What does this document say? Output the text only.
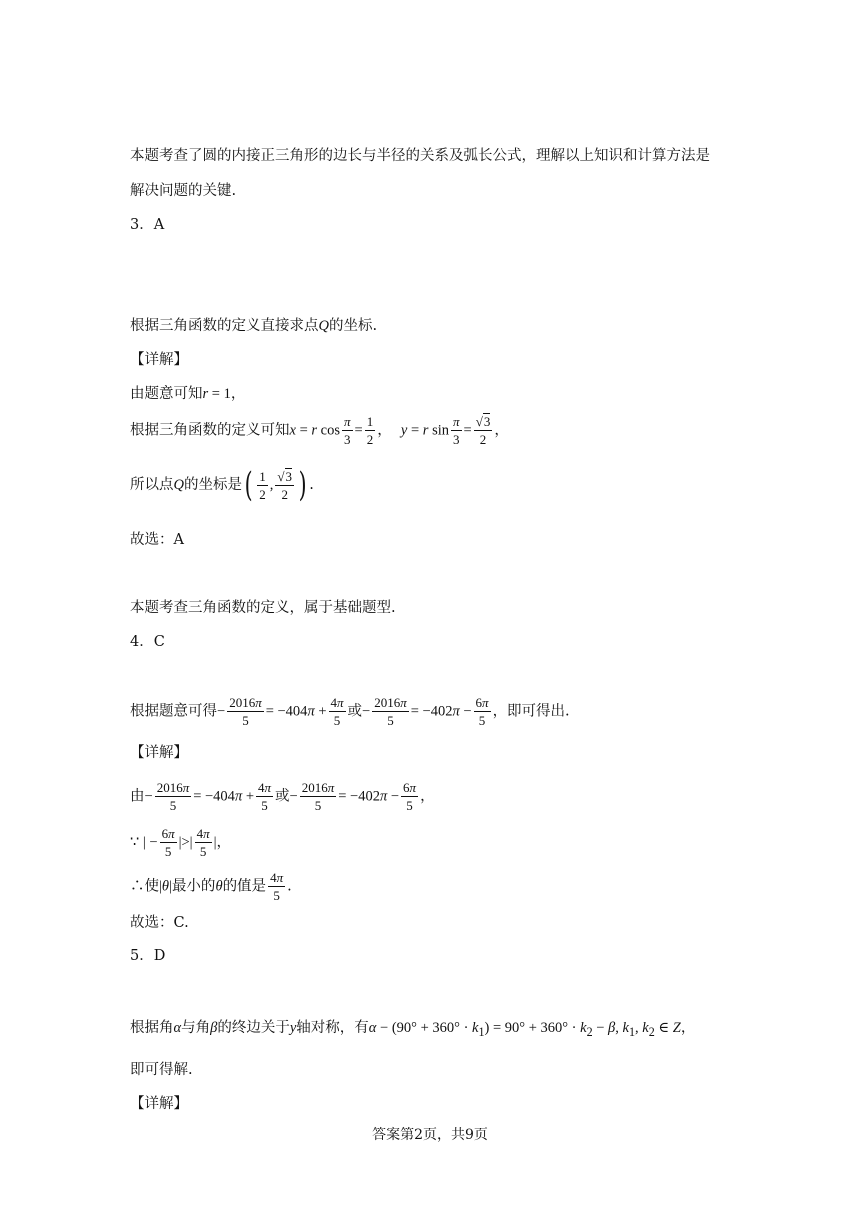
本题考查了圆的内接正三角形的边长与半径的关系及弧长公式，理解以上知识和计算方法是
解决问题的关键.
3．A
根据三角函数的定义直接求点Q的坐标.
【详解】
由题意可知r = 1，
根据三角函数的定义可知x = r $\cos \frac{\pi}{3} = \frac{1}{2}$ ， y = r $\sin \frac{\pi}{3} = \frac{√3}{2}$ ，
所以点Q的坐标是( $\frac{1}{2}$ , $\frac{√3}{2}$ ) .
故选：A
本题考查三角函数的定义，属于基础题型.
4．C
根据题意可得− $\frac{2016\pi}{5} = -404\pi + \frac{4\pi}{5}$ 或− $\frac{2016\pi}{5} = -402\pi - \frac{6\pi}{5}$ ，即可得出.
【详解】
由− $\frac{2016\pi}{5} = -404\pi + \frac{4\pi}{5}$ 或− $\frac{2016\pi}{5} = -402\pi - \frac{6\pi}{5}$ ，
∵ | − $\frac{6\pi}{5}$ |>| $\frac{4\pi}{5}$ |，
∴使|θ|最小的θ的值是 $\frac{4\pi}{5}$ .
故选：C.
5．D
根据角α与角β的终边关于y轴对称，有$\alpha - (90^\circ + 360^\circ \cdot k_1) = 90^\circ + 360^\circ \cdot k_2 - \beta$, $k_1$, $k_2$ ∈ Z，
即可得解.
【详解】
答案第2页，共9页
